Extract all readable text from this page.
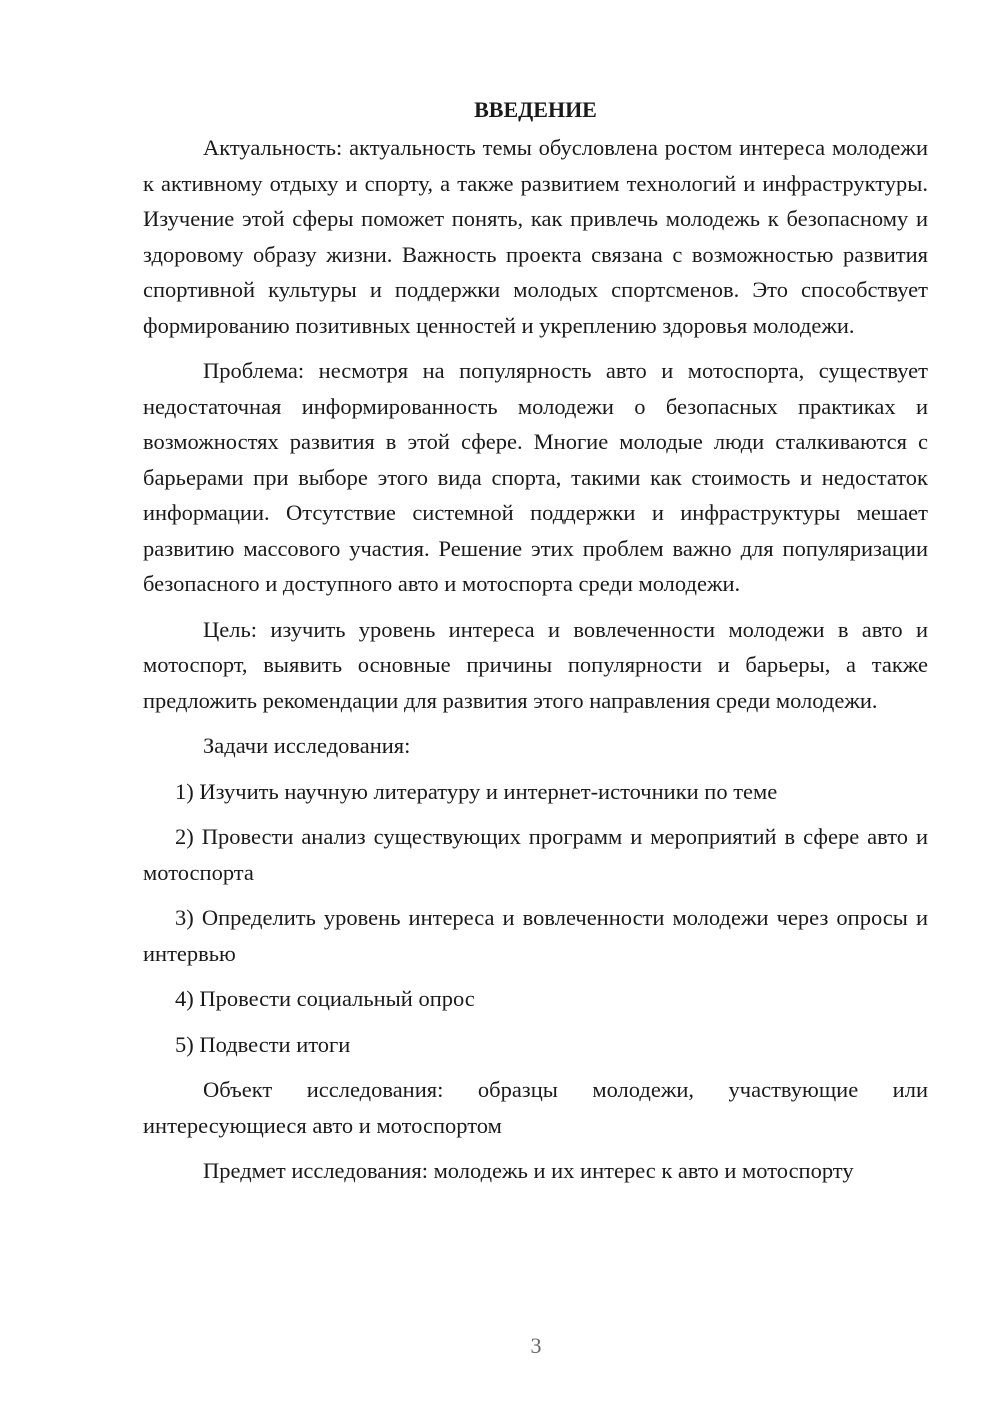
ВВЕДЕНИЕ

Актуальность: актуальность темы обусловлена ростом интереса молодежи к активному отдыху и спорту, а также развитием технологий и инфраструктуры. Изучение этой сферы поможет понять, как привлечь молодежь к безопасному и здоровому образу жизни. Важность проекта связана с возможностью развития спортивной культуры и поддержки молодых спортсменов. Это способствует формированию позитивных ценностей и укреплению здоровья молодежи.

Проблема: несмотря на популярность авто и мотоспорта, существует недостаточная информированность молодежи о безопасных практиках и возможностях развития в этой сфере. Многие молодые люди сталкиваются с барьерами при выборе этого вида спорта, такими как стоимость и недостаток информации. Отсутствие системной поддержки и инфраструктуры мешает развитию массового участия. Решение этих проблем важно для популяризации безопасного и доступного авто и мотоспорта среди молодежи.

Цель: изучить уровень интереса и вовлеченности молодежи в авто и мотоспорт, выявить основные причины популярности и барьеры, а также предложить рекомендации для развития этого направления среди молодежи.

Задачи исследования:

1) Изучить научную литературу и интернет-источники по теме

2) Провести анализ существующих программ и мероприятий в сфере авто и мотоспорта

3) Определить уровень интереса и вовлеченности молодежи через опросы и интервью

4) Провести социальный опрос

5) Подвести итоги

Объект исследования: образцы молодежи, участвующие или интересующиеся авто и мотоспортом

Предмет исследования: молодежь и их интерес к авто и мотоспорту

3
